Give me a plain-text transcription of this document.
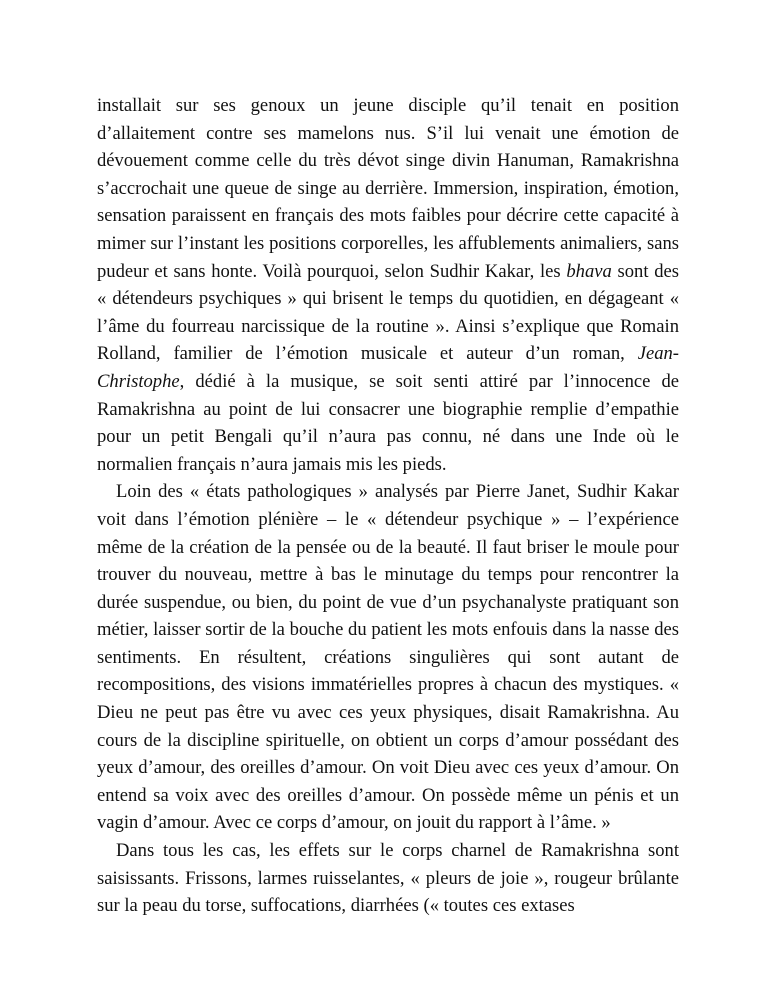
installait sur ses genoux un jeune disciple qu’il tenait en position d’allaitement contre ses mamelons nus. S’il lui venait une émotion de dévouement comme celle du très dévot singe divin Hanuman, Ramakrishna s’accrochait une queue de singe au derrière. Immersion, inspiration, émotion, sensation paraissent en français des mots faibles pour décrire cette capacité à mimer sur l’instant les positions corporelles, les affublements animaliers, sans pudeur et sans honte. Voilà pourquoi, selon Sudhir Kakar, les bhava sont des « détendeurs psychiques » qui brisent le temps du quotidien, en dégageant « l’âme du fourreau narcissique de la routine ». Ainsi s’explique que Romain Rolland, familier de l’émotion musicale et auteur d’un roman, Jean-Christophe, dédié à la musique, se soit senti attiré par l’innocence de Ramakrishna au point de lui consacrer une biographie remplie d’empathie pour un petit Bengali qu’il n’aura pas connu, né dans une Inde où le normalien français n’aura jamais mis les pieds.

Loin des « états pathologiques » analysés par Pierre Janet, Sudhir Kakar voit dans l’émotion plénière – le « détendeur psychique » – l’expérience même de la création de la pensée ou de la beauté. Il faut briser le moule pour trouver du nouveau, mettre à bas le minutage du temps pour rencontrer la durée suspendue, ou bien, du point de vue d’un psychanalyste pratiquant son métier, laisser sortir de la bouche du patient les mots enfouis dans la nasse des sentiments. En résultent, créations singulières qui sont autant de recompositions, des visions immatérielles propres à chacun des mystiques. « Dieu ne peut pas être vu avec ces yeux physiques, disait Ramakrishna. Au cours de la discipline spirituelle, on obtient un corps d’amour possédant des yeux d’amour, des oreilles d’amour. On voit Dieu avec ces yeux d’amour. On entend sa voix avec des oreilles d’amour. On possède même un pénis et un vagin d’amour. Avec ce corps d’amour, on jouit du rapport à l’âme. »

Dans tous les cas, les effets sur le corps charnel de Ramakrishna sont saisissants. Frissons, larmes ruisselantes, « pleurs de joie », rougeur brûlante sur la peau du torse, suffocations, diarrhées (« toutes ces extases
